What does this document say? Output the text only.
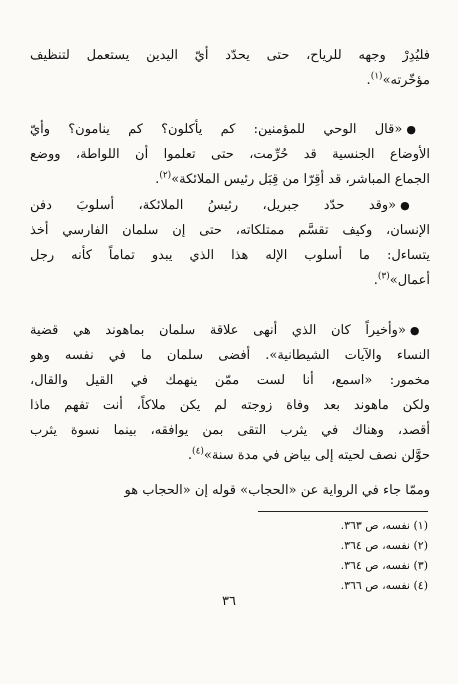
فليُدِرْ وجهه للرياح، حتى يحدّد أيّ اليدين يستعمل لتنظيف
مؤخّرته»$^{(١)}$.
●«قال الوحي للمؤمنين: كم يأكلون؟ كم ينامون؟ وأيّ
الأوضاع الجنسية قد حُرِّمت، حتى تعلموا أن اللواطة، ووضع
الجماع المباشر، قد أقِرّا من قِبَل رئيس الملائكة»$^{(٢)}$.
●«وقد حدّد جبريل، رئيسُ الملائكة، أسلوبَ دفن
الإنسان، وكيف تقسَّم ممتلكاته، حتى إن سلمان الفارسي أخذ
يتساءل: ما أسلوب الإله هذا الذي يبدو تماماً كأنه رجل
أعمال»$^{(٣)}$.
●«وأخيراً كان الذي أنهى علاقة سلمان بماهوند هي قضية
النساء والآيات الشيطانية». أفضى سلمان ما في نفسه وهو
مخمور: «اسمع، أنا لست ممّن ينهمك في القيل والقال،
ولكن ماهوند بعد وفاة زوجته لم يكن ملاكاً، أنت تفهم ماذا
أقصد، وهناك في يثرب التقى بمن يوافقه، بينما نسوة يثرب
حوَّلن نصف لحيته إلى بياض في مدة سنة»$^{(٤)}$.
وممّا جاء في الرواية عن «الحجاب» قوله إن «الحجاب هو
(١) نفسه، ص ٣٦٣.
(٢) نفسه، ص ٣٦٤.
(٣) نفسه، ص ٣٦٤.
(٤) نفسه، ص ٣٦٦.
٣٦
